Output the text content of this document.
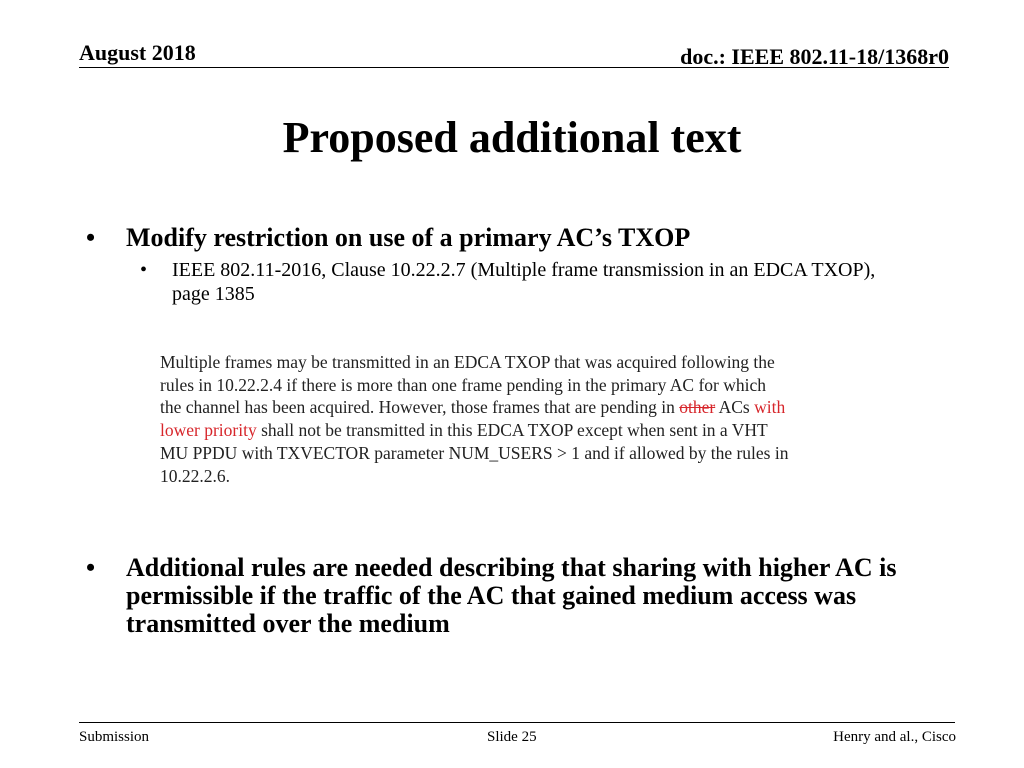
August 2018	doc.: IEEE 802.11-18/1368r0
Proposed additional text
•	Modify restriction on use of a primary AC’s TXOP
•	IEEE 802.11-2016, Clause 10.22.2.7 (Multiple frame transmission in an EDCA TXOP), page 1385
Multiple frames may be transmitted in an EDCA TXOP that was acquired following the
rules in 10.22.2.4 if there is more than one frame pending in the primary AC for which
the channel has been acquired. However, those frames that are pending in other ACs with
lower priority shall not be transmitted in this EDCA TXOP except when sent in a VHT
MU PPDU with TXVECTOR parameter NUM_USERS > 1 and if allowed by the rules in
10.22.2.6.
•	Additional rules are needed describing that sharing with higher AC is permissible if the traffic of the AC that gained medium access was transmitted over the medium
Submission	Slide 25	Henry and al., Cisco
